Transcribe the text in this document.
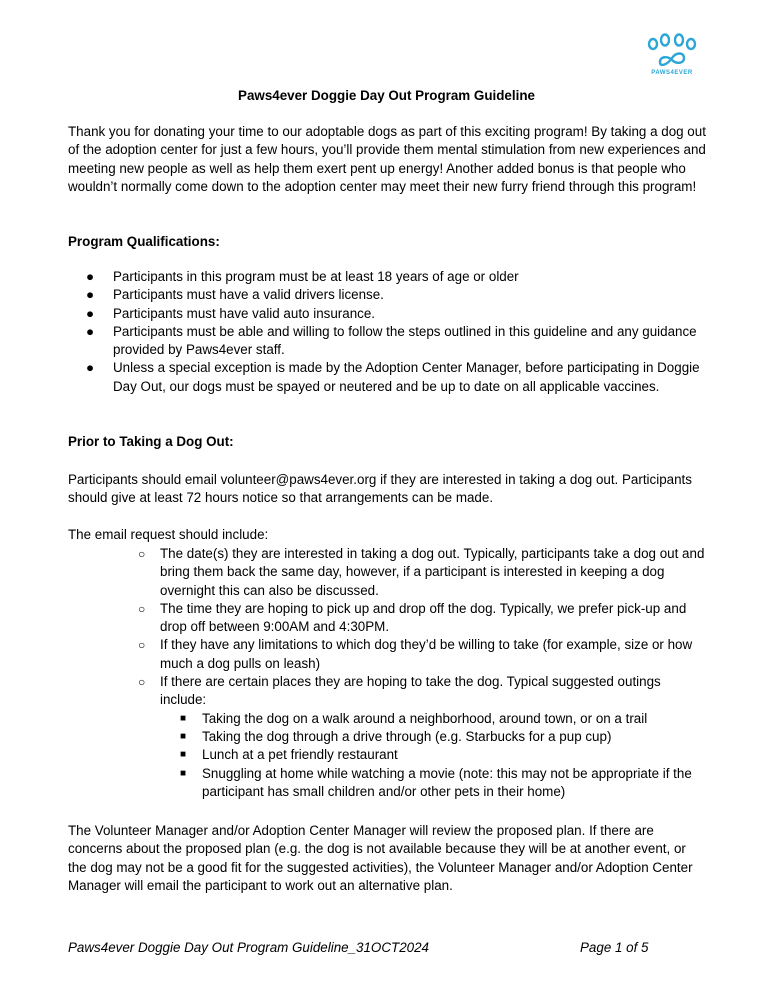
PAWS4EVER
Paws4ever Doggie Day Out Program Guideline
Thank you for donating your time to our adoptable dogs as part of this exciting program! By taking a dog out of the adoption center for just a few hours, you’ll provide them mental stimulation from new experiences and meeting new people as well as help them exert pent up energy! Another added bonus is that people who wouldn’t normally come down to the adoption center may meet their new furry friend through this program!
Program Qualifications:
● Participants in this program must be at least 18 years of age or older
● Participants must have a valid drivers license.
● Participants must have valid auto insurance.
● Participants must be able and willing to follow the steps outlined in this guideline and any guidance provided by Paws4ever staff.
● Unless a special exception is made by the Adoption Center Manager, before participating in Doggie Day Out, our dogs must be spayed or neutered and be up to date on all applicable vaccines.
Prior to Taking a Dog Out:
Participants should email volunteer@paws4ever.org if they are interested in taking a dog out. Participants should give at least 72 hours notice so that arrangements can be made.
The email request should include:
○ The date(s) they are interested in taking a dog out. Typically, participants take a dog out and bring them back the same day, however, if a participant is interested in keeping a dog overnight this can also be discussed.
○ The time they are hoping to pick up and drop off the dog. Typically, we prefer pick-up and drop off between 9:00AM and 4:30PM.
○ If they have any limitations to which dog they’d be willing to take (for example, size or how much a dog pulls on leash)
○ If there are certain places they are hoping to take the dog. Typical suggested outings include:
■ Taking the dog on a walk around a neighborhood, around town, or on a trail
■ Taking the dog through a drive through (e.g. Starbucks for a pup cup)
■ Lunch at a pet friendly restaurant
■ Snuggling at home while watching a movie (note: this may not be appropriate if the participant has small children and/or other pets in their home)
The Volunteer Manager and/or Adoption Center Manager will review the proposed plan. If there are concerns about the proposed plan (e.g. the dog is not available because they will be at another event, or the dog may not be a good fit for the suggested activities), the Volunteer Manager and/or Adoption Center Manager will email the participant to work out an alternative plan.
Paws4ever Doggie Day Out Program Guideline_31OCT2024	Page 1 of 5
